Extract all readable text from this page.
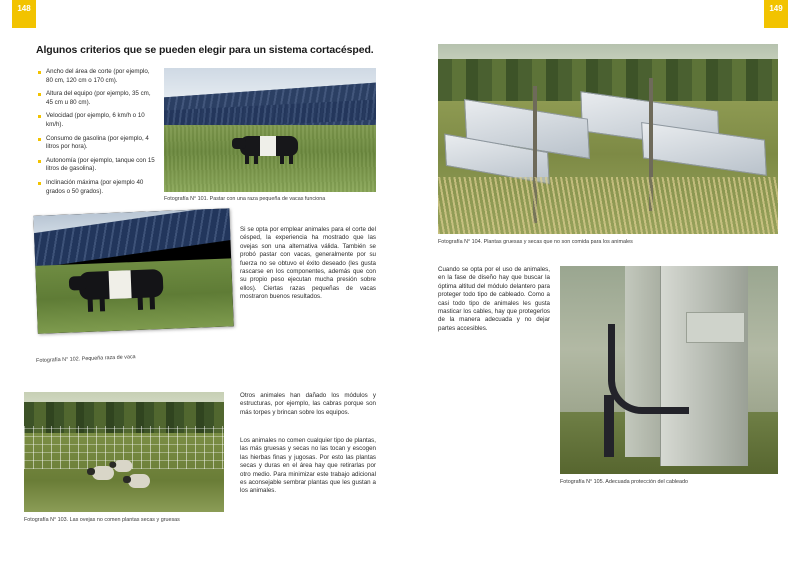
148	149
Algunos criterios que se pueden elegir para un sistema cortacésped.
Ancho del área de corte (por ejemplo, 80 cm, 120 cm o 170 cm).
Altura del equipo (por ejemplo, 35 cm, 45 cm u 80 cm).
Velocidad (por ejemplo, 6 km/h o 10 km/h).
Consumo de gasolina (por ejemplo, 4 litros por hora).
Autonomía (por ejemplo, tanque con 15 litros de gasolina).
Inclinación máxima (por ejemplo 40 grados o 50 grados).
Fotografía N° 101. Pastar con una raza pequeña de vacas funciona
Si se opta por emplear animales para el corte del césped, la experiencia ha mostrado que las ovejas son una alternativa válida. También se probó pastar con vacas, generalmente por su fuerza no se obtuvo el éxito deseado (les gusta rascarse en los componentes, además que con su propio peso ejecutan mucha presión sobre ellos). Ciertas razas pequeñas de vacas mostraron buenos resultados.
Fotografía N° 102. Pequeña raza de vaca
Fotografía N° 103. Las ovejas no comen plantas secas y gruesas
Otros animales han dañado los módulos y estructuras, por ejemplo, las cabras porque son más torpes y brincan sobre los equipos.
Los animales no comen cualquier tipo de plantas, las más gruesas y secas no las tocan y escogen las hierbas finas y jugosas. Por esto las plantas secas y duras en el área hay que retirarlas por otro medio. Para minimizar este trabajo adicional es aconsejable sembrar plantas que les gustan a los animales.
Fotografía N° 104. Plantas gruesas y secas que no son comida para los animales
Cuando se opta por el uso de animales, en la fase de diseño hay que buscar la óptima altitud del módulo delantero para proteger todo tipo de cableado. Como a casi todo tipo de animales les gusta masticar los cables, hay que protegerlos de la manera adecuada y no dejar partes accesibles.
Fotografía N° 105. Adecuada protección del cableado
